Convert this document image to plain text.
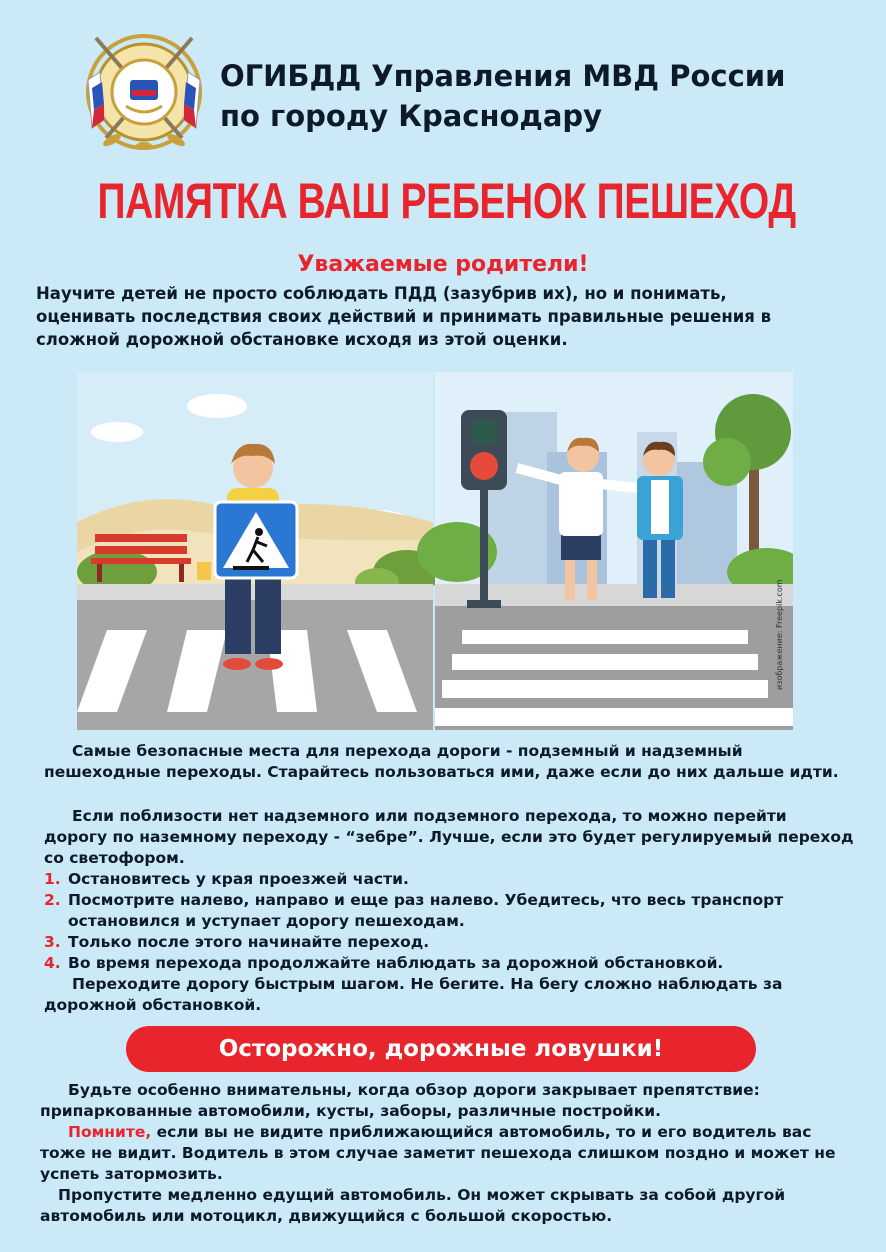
ОГИБДД Управления МВД России
по городу Краснодару
ПАМЯТКА ВАШ РЕБЕНОК ПЕШЕХОД
Уважаемые родители!
Научите детей не просто соблюдать ПДД (зазубрив их), но и понимать,
оценивать последствия своих действий и принимать правильные решения в
сложной дорожной обстановке исходя из этой оценки.
изображение: Freepik.com
Самые безопасные места для перехода дороги - подземный и надземный
пешеходные переходы. Старайтесь пользоваться ими, даже если до них дальше идти.
Если поблизости нет надземного или подземного перехода, то можно перейти
дорогу по наземному переходу - “зебре”. Лучше, если это будет регулируемый переход
со светофором.
1. Остановитесь у края проезжей части.
2. Посмотрите налево, направо и еще раз налево. Убедитесь, что весь транспорт
остановился и уступает дорогу пешеходам.
3. Только после этого начинайте переход.
4. Во время перехода продолжайте наблюдать за дорожной обстановкой.
Переходите дорогу быстрым шагом. Не бегите. На бегу сложно наблюдать за
дорожной обстановкой.
Осторожно, дорожные ловушки!
Будьте особенно внимательны, когда обзор дороги закрывает препятствие:
припаркованные автомобили, кусты, заборы, различные постройки.
Помните, если вы не видите приближающийся автомобиль, то и его водитель вас
тоже не видит. Водитель в этом случае заметит пешехода слишком поздно и может не
успеть затормозить.
Пропустите медленно едущий автомобиль. Он может скрывать за собой другой
автомобиль или мотоцикл, движущийся с большой скоростью.
